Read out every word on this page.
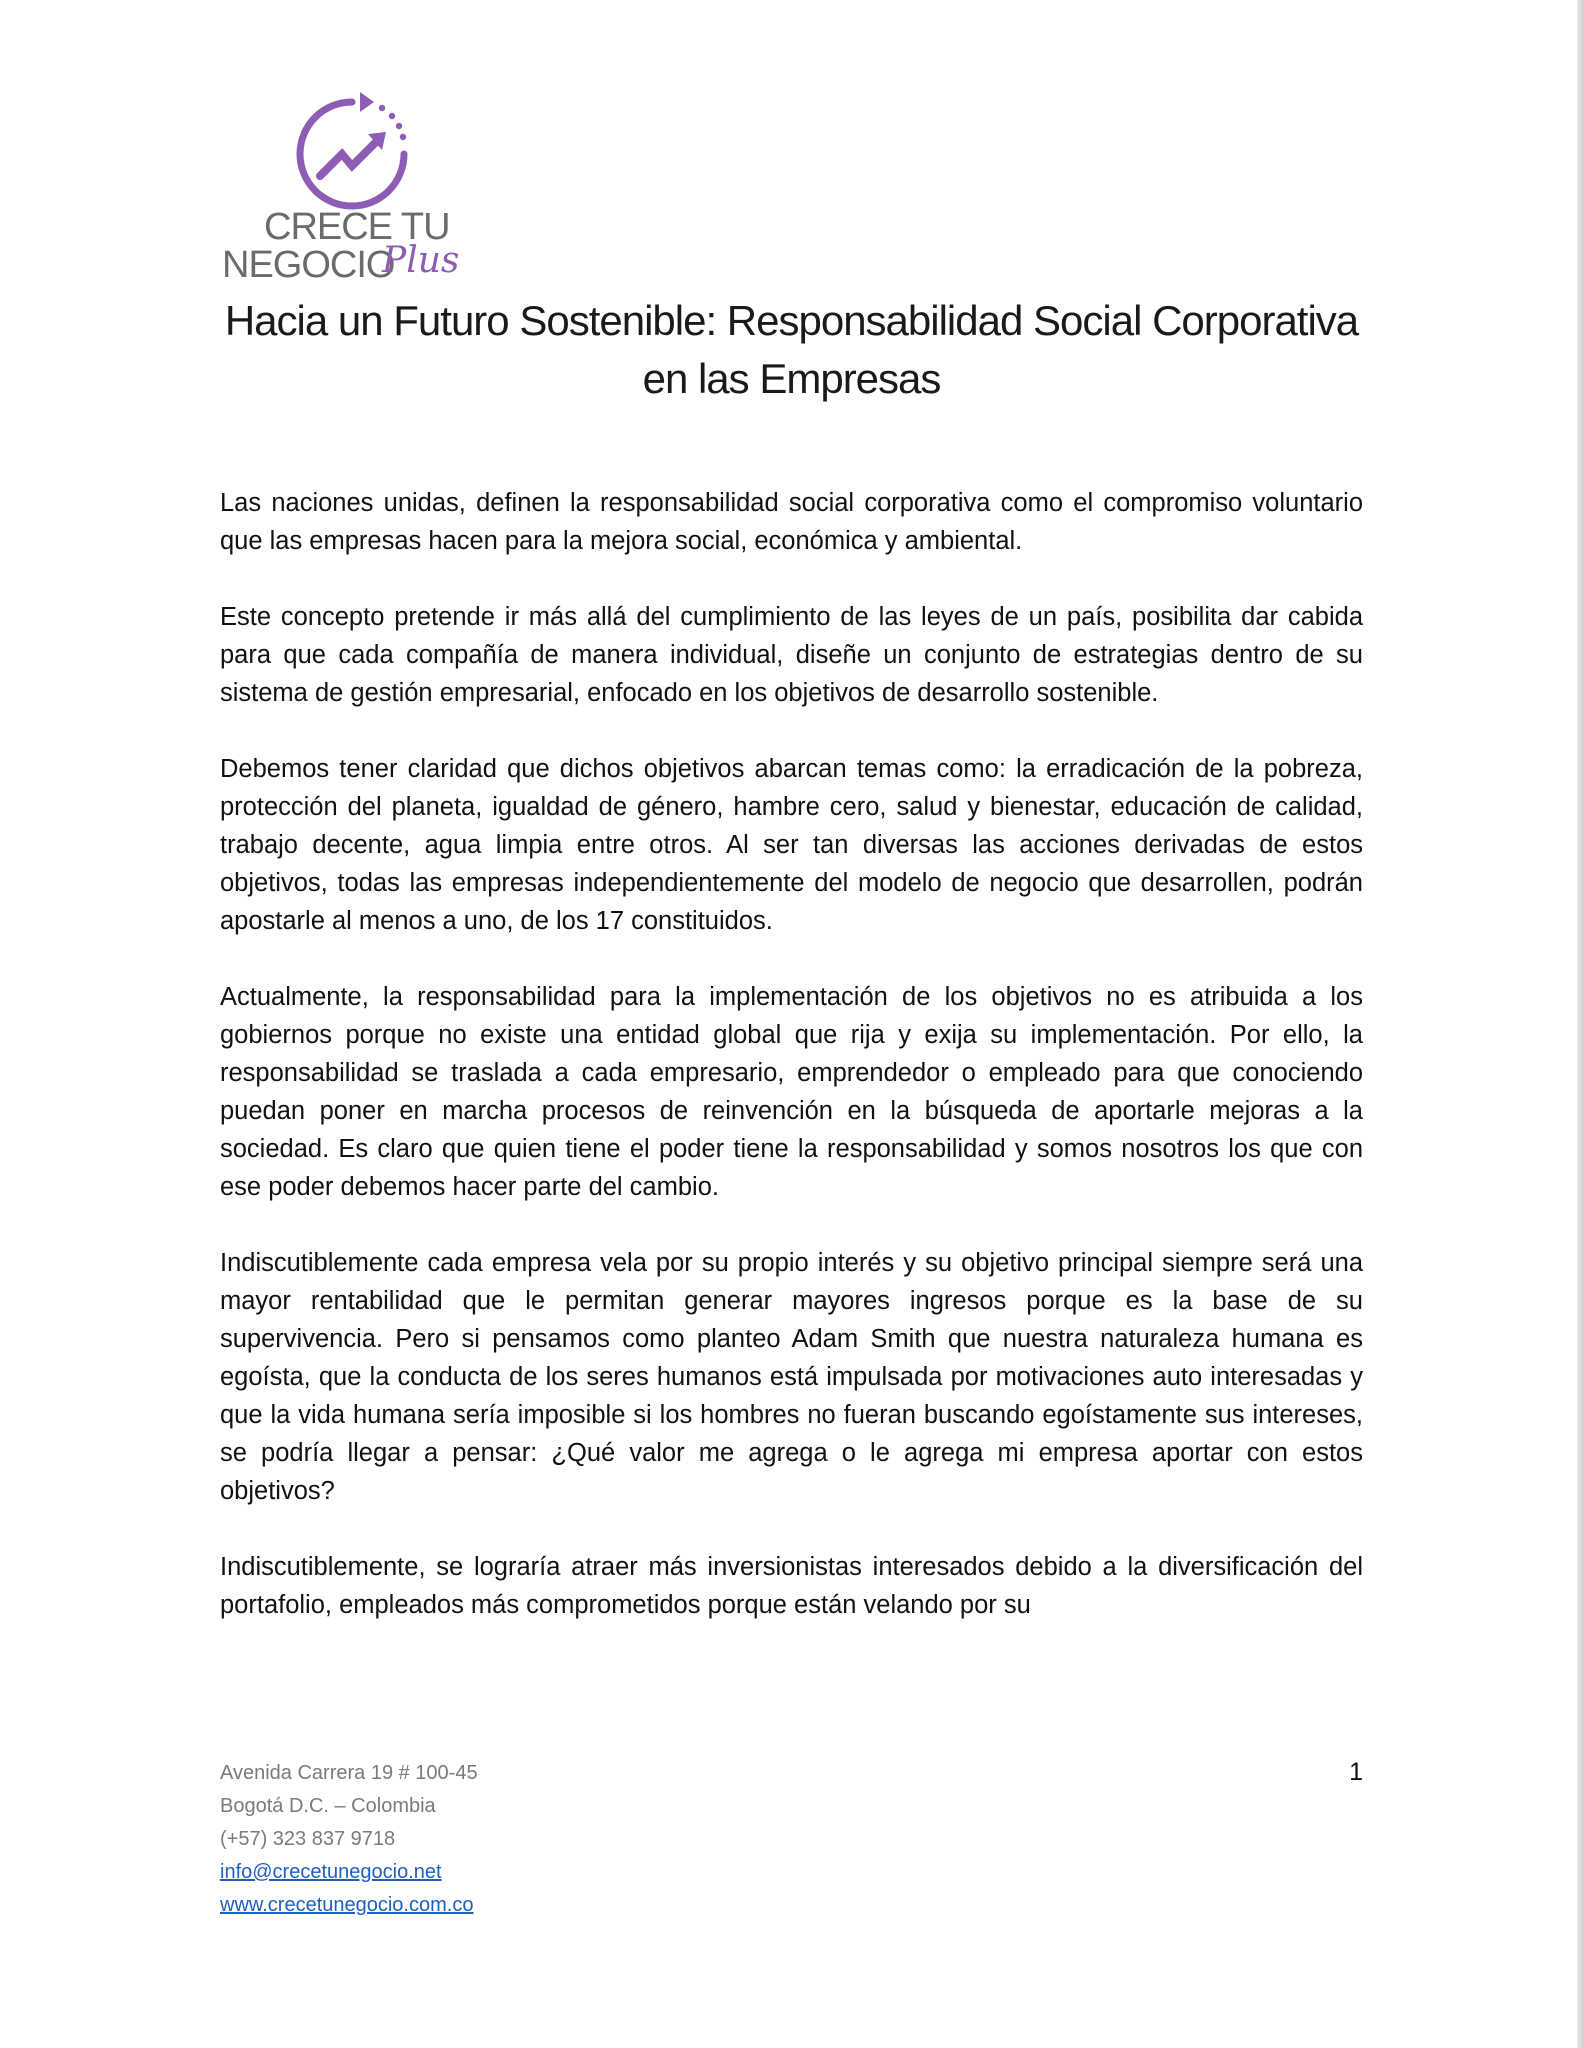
CRECE TU
NEGOCIO
Plus
Hacia un Futuro Sostenible: Responsabilidad Social Corporativa
en las Empresas

Las naciones unidas, definen la responsabilidad social corporativa como el compromiso voluntario que las empresas hacen para la mejora social, económica y ambiental.

Este concepto pretende ir más allá del cumplimiento de las leyes de un país, posibilita dar cabida para que cada compañía de manera individual, diseñe un conjunto de estrategias dentro de su sistema de gestión empresarial, enfocado en los objetivos de desarrollo sostenible.

Debemos tener claridad que dichos objetivos abarcan temas como: la erradicación de la pobreza, protección del planeta, igualdad de género, hambre cero, salud y bienestar, educación de calidad, trabajo decente, agua limpia entre otros. Al ser tan diversas las acciones derivadas de estos objetivos, todas las empresas independientemente del modelo de negocio que desarrollen, podrán apostarle al menos a uno, de los 17 constituidos.

Actualmente, la responsabilidad para la implementación de los objetivos no es atribuida a los gobiernos porque no existe una entidad global que rija y exija su implementación. Por ello, la responsabilidad se traslada a cada empresario, emprendedor o empleado para que conociendo puedan poner en marcha procesos de reinvención en la búsqueda de aportarle mejoras a la sociedad. Es claro que quien tiene el poder tiene la responsabilidad y somos nosotros los que con ese poder debemos hacer parte del cambio.

Indiscutiblemente cada empresa vela por su propio interés y su objetivo principal siempre será una mayor rentabilidad que le permitan generar mayores ingresos porque es la base de su supervivencia. Pero si pensamos como planteo Adam Smith que nuestra naturaleza humana es egoísta, que la conducta de los seres humanos está impulsada por motivaciones auto interesadas y que la vida humana sería imposible si los hombres no fueran buscando egoístamente sus intereses, se podría llegar a pensar: ¿Qué valor me agrega o le agrega mi empresa aportar con estos objetivos?

Indiscutiblemente, se lograría atraer más inversionistas interesados debido a la diversificación del portafolio, empleados más comprometidos porque están velando por su

Avenida Carrera 19 # 100-45
Bogotá D.C. – Colombia
(+57) 323 837 9718
info@crecetunegocio.net
www.crecetunegocio.com.co
1
